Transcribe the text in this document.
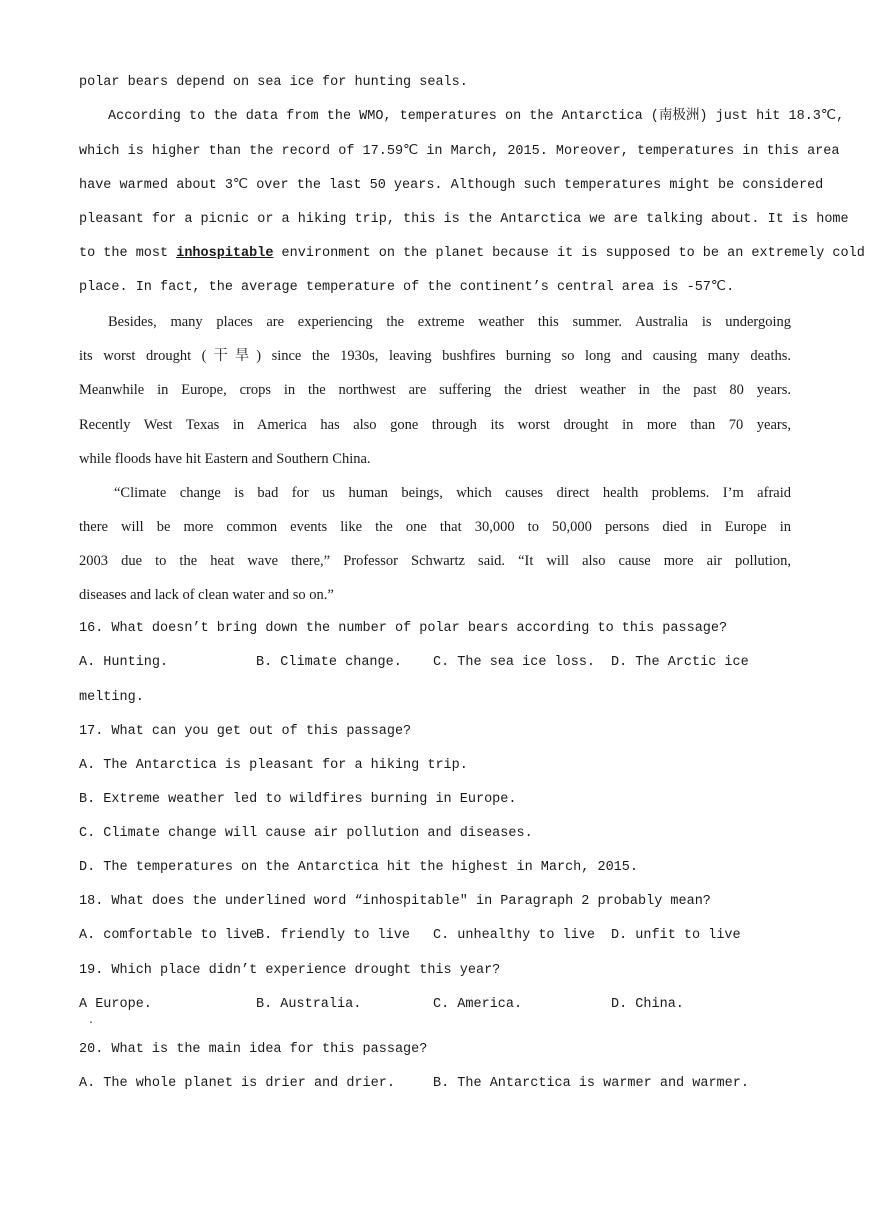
polar bears depend on sea ice for hunting seals.
According to the data from the WMO, temperatures on the Antarctica (南极洲) just hit 18.3℃,
which is higher than the record of 17.59℃ in March, 2015. Moreover, temperatures in this area
have warmed about 3℃ over the last 50 years. Although such temperatures might be considered
pleasant for a picnic or a hiking trip, this is the Antarctica we are talking about. It is home
to the most inhospitable environment on the planet because it is supposed to be an extremely cold
place. In fact, the average temperature of the continent’s central area is -57℃.
Besides, many places are experiencing the extreme weather this summer. Australia is undergoing
its worst drought (干旱) since the 1930s, leaving bushfires burning so long and causing many deaths.
Meanwhile in Europe, crops in the northwest are suffering the driest weather in the past 80 years.
Recently West Texas in America has also gone through its worst drought in more than 70 years,
while floods have hit Eastern and Southern China.
“Climate change is bad for us human beings, which causes direct health problems. I’m afraid
there will be more common events like the one that 30,000 to 50,000 persons died in Europe in
2003 due to the heat wave there,” Professor Schwartz said. “It will also cause more air pollution,
diseases and lack of clean water and so on.”
16. What doesn’t bring down the number of polar bears according to this passage?
A. Hunting.	B. Climate change. C. The sea ice loss. D. The Arctic ice
melting.
17. What can you get out of this passage?
A. The Antarctica is pleasant for a hiking trip.
B. Extreme weather led to wildfires burning in Europe.
C. Climate change will cause air pollution and diseases.
D. The temperatures on the Antarctica hit the highest in March, 2015.
18. What does the underlined word “inhospitable″ in Paragraph 2 probably mean?
A. comfortable to live
B. friendly to live C. unhealthy to live D. unfit to live
19. Which place didn’t experience drought this year?
A Europe.
.
B. Australia.	C. America.	D. China.
20. What is the main idea for this passage?
A. The whole planet is drier and drier.	B. The Antarctica is warmer and warmer.
